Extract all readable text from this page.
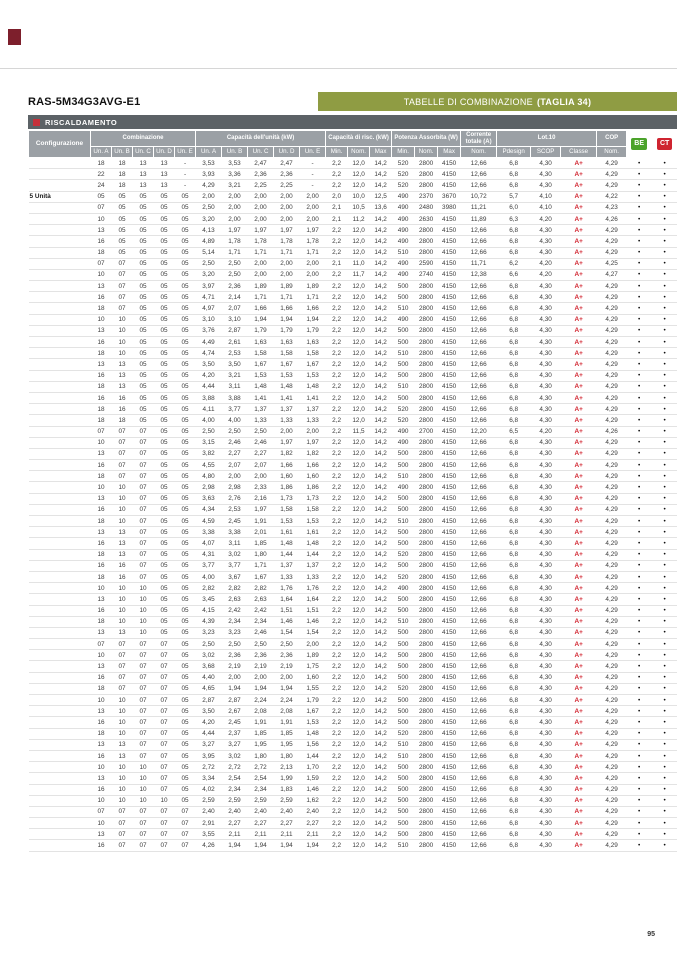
RAS-5M34G3AVG-E1	TABELLE DI COMBINAZIONE (TAGLIA 34)
RISCALDAMENTO
Configurazione	Combinazione					Capacità dell'unità (kW)					Capacità di risc. (kW)			Potenza Assorbita (W)			Corrente totale (A)	Lot.10			COP	BE	CT
	Un. A	Un. B	Un. C	Un. D	Un. E	Un. A	Un. B	Un. C	Un. D	Un. E	Min.	Nom.	Max	Min.	Nom.	Max	Nom.	Pdesign	SCOP	Classe	Nom.		
	18	18	13	13	-	3,53	3,53	2,47	2,47	-	2,2	12,0	14,2	520	2800	4150	12,66	6,8	4,30	A+	4,29	•	•
	22	18	13	13	-	3,93	3,36	2,36	2,36	-	2,2	12,0	14,2	520	2800	4150	12,66	6,8	4,30	A+	4,29	•	•
	24	18	13	13	-	4,29	3,21	2,25	2,25	-	2,2	12,0	14,2	520	2800	4150	12,66	6,8	4,30	A+	4,29	•	•
5 Unità	05	05	05	05	05	2,00	2,00	2,00	2,00	2,00	2,0	10,0	12,5	490	2370	3670	10,72	5,7	4,10	A+	4,22	•	•
	07	05	05	05	05	2,50	2,00	2,00	2,00	2,00	2,1	10,5	13,6	490	2480	3980	11,21	6,0	4,10	A+	4,23	•	•
	10	05	05	05	05	3,20	2,00	2,00	2,00	2,00	2,1	11,2	14,2	490	2630	4150	11,89	6,3	4,20	A+	4,26	•	•
	13	05	05	05	05	4,13	1,97	1,97	1,97	1,97	2,2	12,0	14,2	490	2800	4150	12,66	6,8	4,30	A+	4,29	•	•
	16	05	05	05	05	4,89	1,78	1,78	1,78	1,78	2,2	12,0	14,2	490	2800	4150	12,66	6,8	4,30	A+	4,29	•	•
	18	05	05	05	05	5,14	1,71	1,71	1,71	1,71	2,2	12,0	14,2	510	2800	4150	12,66	6,8	4,30	A+	4,29	•	•
	07	07	05	05	05	2,50	2,50	2,00	2,00	2,00	2,1	11,0	14,2	490	2590	4150	11,71	6,2	4,20	A+	4,25	•	•
	10	07	05	05	05	3,20	2,50	2,00	2,00	2,00	2,2	11,7	14,2	490	2740	4150	12,38	6,6	4,20	A+	4,27	•	•
	13	07	05	05	05	3,97	2,36	1,89	1,89	1,89	2,2	12,0	14,2	500	2800	4150	12,66	6,8	4,30	A+	4,29	•	•
	16	07	05	05	05	4,71	2,14	1,71	1,71	1,71	2,2	12,0	14,2	500	2800	4150	12,66	6,8	4,30	A+	4,29	•	•
	18	07	05	05	05	4,97	2,07	1,66	1,66	1,66	2,2	12,0	14,2	510	2800	4150	12,66	6,8	4,30	A+	4,29	•	•
	10	10	05	05	05	3,10	3,10	1,94	1,94	1,94	2,2	12,0	14,2	490	2800	4150	12,66	6,8	4,30	A+	4,29	•	•
	13	10	05	05	05	3,76	2,87	1,79	1,79	1,79	2,2	12,0	14,2	500	2800	4150	12,66	6,8	4,30	A+	4,29	•	•
	16	10	05	05	05	4,49	2,61	1,63	1,63	1,63	2,2	12,0	14,2	500	2800	4150	12,66	6,8	4,30	A+	4,29	•	•
	18	10	05	05	05	4,74	2,53	1,58	1,58	1,58	2,2	12,0	14,2	510	2800	4150	12,66	6,8	4,30	A+	4,29	•	•
	13	13	05	05	05	3,50	3,50	1,67	1,67	1,67	2,2	12,0	14,2	500	2800	4150	12,66	6,8	4,30	A+	4,29	•	•
	16	13	05	05	05	4,20	3,21	1,53	1,53	1,53	2,2	12,0	14,2	500	2800	4150	12,66	6,8	4,30	A+	4,29	•	•
	18	13	05	05	05	4,44	3,11	1,48	1,48	1,48	2,2	12,0	14,2	510	2800	4150	12,66	6,8	4,30	A+	4,29	•	•
	16	16	05	05	05	3,88	3,88	1,41	1,41	1,41	2,2	12,0	14,2	500	2800	4150	12,66	6,8	4,30	A+	4,29	•	•
	18	16	05	05	05	4,11	3,77	1,37	1,37	1,37	2,2	12,0	14,2	520	2800	4150	12,66	6,8	4,30	A+	4,29	•	•
	18	18	05	05	05	4,00	4,00	1,33	1,33	1,33	2,2	12,0	14,2	520	2800	4150	12,66	6,8	4,30	A+	4,29	•	•
	07	07	07	05	05	2,50	2,50	2,50	2,00	2,00	2,2	11,5	14,2	490	2700	4150	12,20	6,5	4,20	A+	4,26	•	•
	10	07	07	05	05	3,15	2,46	2,46	1,97	1,97	2,2	12,0	14,2	490	2800	4150	12,66	6,8	4,30	A+	4,29	•	•
	13	07	07	05	05	3,82	2,27	2,27	1,82	1,82	2,2	12,0	14,2	500	2800	4150	12,66	6,8	4,30	A+	4,29	•	•
	16	07	07	05	05	4,55	2,07	2,07	1,66	1,66	2,2	12,0	14,2	500	2800	4150	12,66	6,8	4,30	A+	4,29	•	•
	18	07	07	05	05	4,80	2,00	2,00	1,60	1,60	2,2	12,0	14,2	510	2800	4150	12,66	6,8	4,30	A+	4,29	•	•
	10	10	07	05	05	2,98	2,98	2,33	1,86	1,86	2,2	12,0	14,2	490	2800	4150	12,66	6,8	4,30	A+	4,29	•	•
	13	10	07	05	05	3,63	2,76	2,16	1,73	1,73	2,2	12,0	14,2	500	2800	4150	12,66	6,8	4,30	A+	4,29	•	•
	16	10	07	05	05	4,34	2,53	1,97	1,58	1,58	2,2	12,0	14,2	500	2800	4150	12,66	6,8	4,30	A+	4,29	•	•
	18	10	07	05	05	4,59	2,45	1,91	1,53	1,53	2,2	12,0	14,2	510	2800	4150	12,66	6,8	4,30	A+	4,29	•	•
	13	13	07	05	05	3,38	3,38	2,01	1,61	1,61	2,2	12,0	14,2	500	2800	4150	12,66	6,8	4,30	A+	4,29	•	•
	16	13	07	05	05	4,07	3,11	1,85	1,48	1,48	2,2	12,0	14,2	500	2800	4150	12,66	6,8	4,30	A+	4,29	•	•
	18	13	07	05	05	4,31	3,02	1,80	1,44	1,44	2,2	12,0	14,2	520	2800	4150	12,66	6,8	4,30	A+	4,29	•	•
	16	16	07	05	05	3,77	3,77	1,71	1,37	1,37	2,2	12,0	14,2	500	2800	4150	12,66	6,8	4,30	A+	4,29	•	•
	18	16	07	05	05	4,00	3,67	1,67	1,33	1,33	2,2	12,0	14,2	520	2800	4150	12,66	6,8	4,30	A+	4,29	•	•
	10	10	10	05	05	2,82	2,82	2,82	1,76	1,76	2,2	12,0	14,2	490	2800	4150	12,66	6,8	4,30	A+	4,29	•	•
	13	10	10	05	05	3,45	2,63	2,63	1,64	1,64	2,2	12,0	14,2	500	2800	4150	12,66	6,8	4,30	A+	4,29	•	•
	16	10	10	05	05	4,15	2,42	2,42	1,51	1,51	2,2	12,0	14,2	500	2800	4150	12,66	6,8	4,30	A+	4,29	•	•
	18	10	10	05	05	4,39	2,34	2,34	1,46	1,46	2,2	12,0	14,2	510	2800	4150	12,66	6,8	4,30	A+	4,29	•	•
	13	13	10	05	05	3,23	3,23	2,46	1,54	1,54	2,2	12,0	14,2	500	2800	4150	12,66	6,8	4,30	A+	4,29	•	•
	07	07	07	07	05	2,50	2,50	2,50	2,50	2,00	2,2	12,0	14,2	500	2800	4150	12,66	6,8	4,30	A+	4,29	•	•
	10	07	07	07	05	3,02	2,36	2,36	2,36	1,89	2,2	12,0	14,2	500	2800	4150	12,66	6,8	4,30	A+	4,29	•	•
	13	07	07	07	05	3,68	2,19	2,19	2,19	1,75	2,2	12,0	14,2	500	2800	4150	12,66	6,8	4,30	A+	4,29	•	•
	16	07	07	07	05	4,40	2,00	2,00	2,00	1,60	2,2	12,0	14,2	500	2800	4150	12,66	6,8	4,30	A+	4,29	•	•
	18	07	07	07	05	4,65	1,94	1,94	1,94	1,55	2,2	12,0	14,2	520	2800	4150	12,66	6,8	4,30	A+	4,29	•	•
	10	10	07	07	05	2,87	2,87	2,24	2,24	1,79	2,2	12,0	14,2	500	2800	4150	12,66	6,8	4,30	A+	4,29	•	•
	13	10	07	07	05	3,50	2,67	2,08	2,08	1,67	2,2	12,0	14,2	500	2800	4150	12,66	6,8	4,30	A+	4,29	•	•
	16	10	07	07	05	4,20	2,45	1,91	1,91	1,53	2,2	12,0	14,2	500	2800	4150	12,66	6,8	4,30	A+	4,29	•	•
	18	10	07	07	05	4,44	2,37	1,85	1,85	1,48	2,2	12,0	14,2	520	2800	4150	12,66	6,8	4,30	A+	4,29	•	•
	13	13	07	07	05	3,27	3,27	1,95	1,95	1,56	2,2	12,0	14,2	510	2800	4150	12,66	6,8	4,30	A+	4,29	•	•
	16	13	07	07	05	3,95	3,02	1,80	1,80	1,44	2,2	12,0	14,2	510	2800	4150	12,66	6,8	4,30	A+	4,29	•	•
	10	10	10	07	05	2,72	2,72	2,72	2,13	1,70	2,2	12,0	14,2	500	2800	4150	12,66	6,8	4,30	A+	4,29	•	•
	13	10	10	07	05	3,34	2,54	2,54	1,99	1,59	2,2	12,0	14,2	500	2800	4150	12,66	6,8	4,30	A+	4,29	•	•
	16	10	10	07	05	4,02	2,34	2,34	1,83	1,46	2,2	12,0	14,2	500	2800	4150	12,66	6,8	4,30	A+	4,29	•	•
	10	10	10	10	05	2,59	2,59	2,59	2,59	1,62	2,2	12,0	14,2	500	2800	4150	12,66	6,8	4,30	A+	4,29	•	•
	07	07	07	07	07	2,40	2,40	2,40	2,40	2,40	2,2	12,0	14,2	500	2800	4150	12,66	6,8	4,30	A+	4,29	•	•
	10	07	07	07	07	2,91	2,27	2,27	2,27	2,27	2,2	12,0	14,2	500	2800	4150	12,66	6,8	4,30	A+	4,29	•	•
	13	07	07	07	07	3,55	2,11	2,11	2,11	2,11	2,2	12,0	14,2	500	2800	4150	12,66	6,8	4,30	A+	4,29	•	•
	16	07	07	07	07	4,26	1,94	1,94	1,94	1,94	2,2	12,0	14,2	510	2800	4150	12,66	6,8	4,30	A+	4,29	•	•
95
